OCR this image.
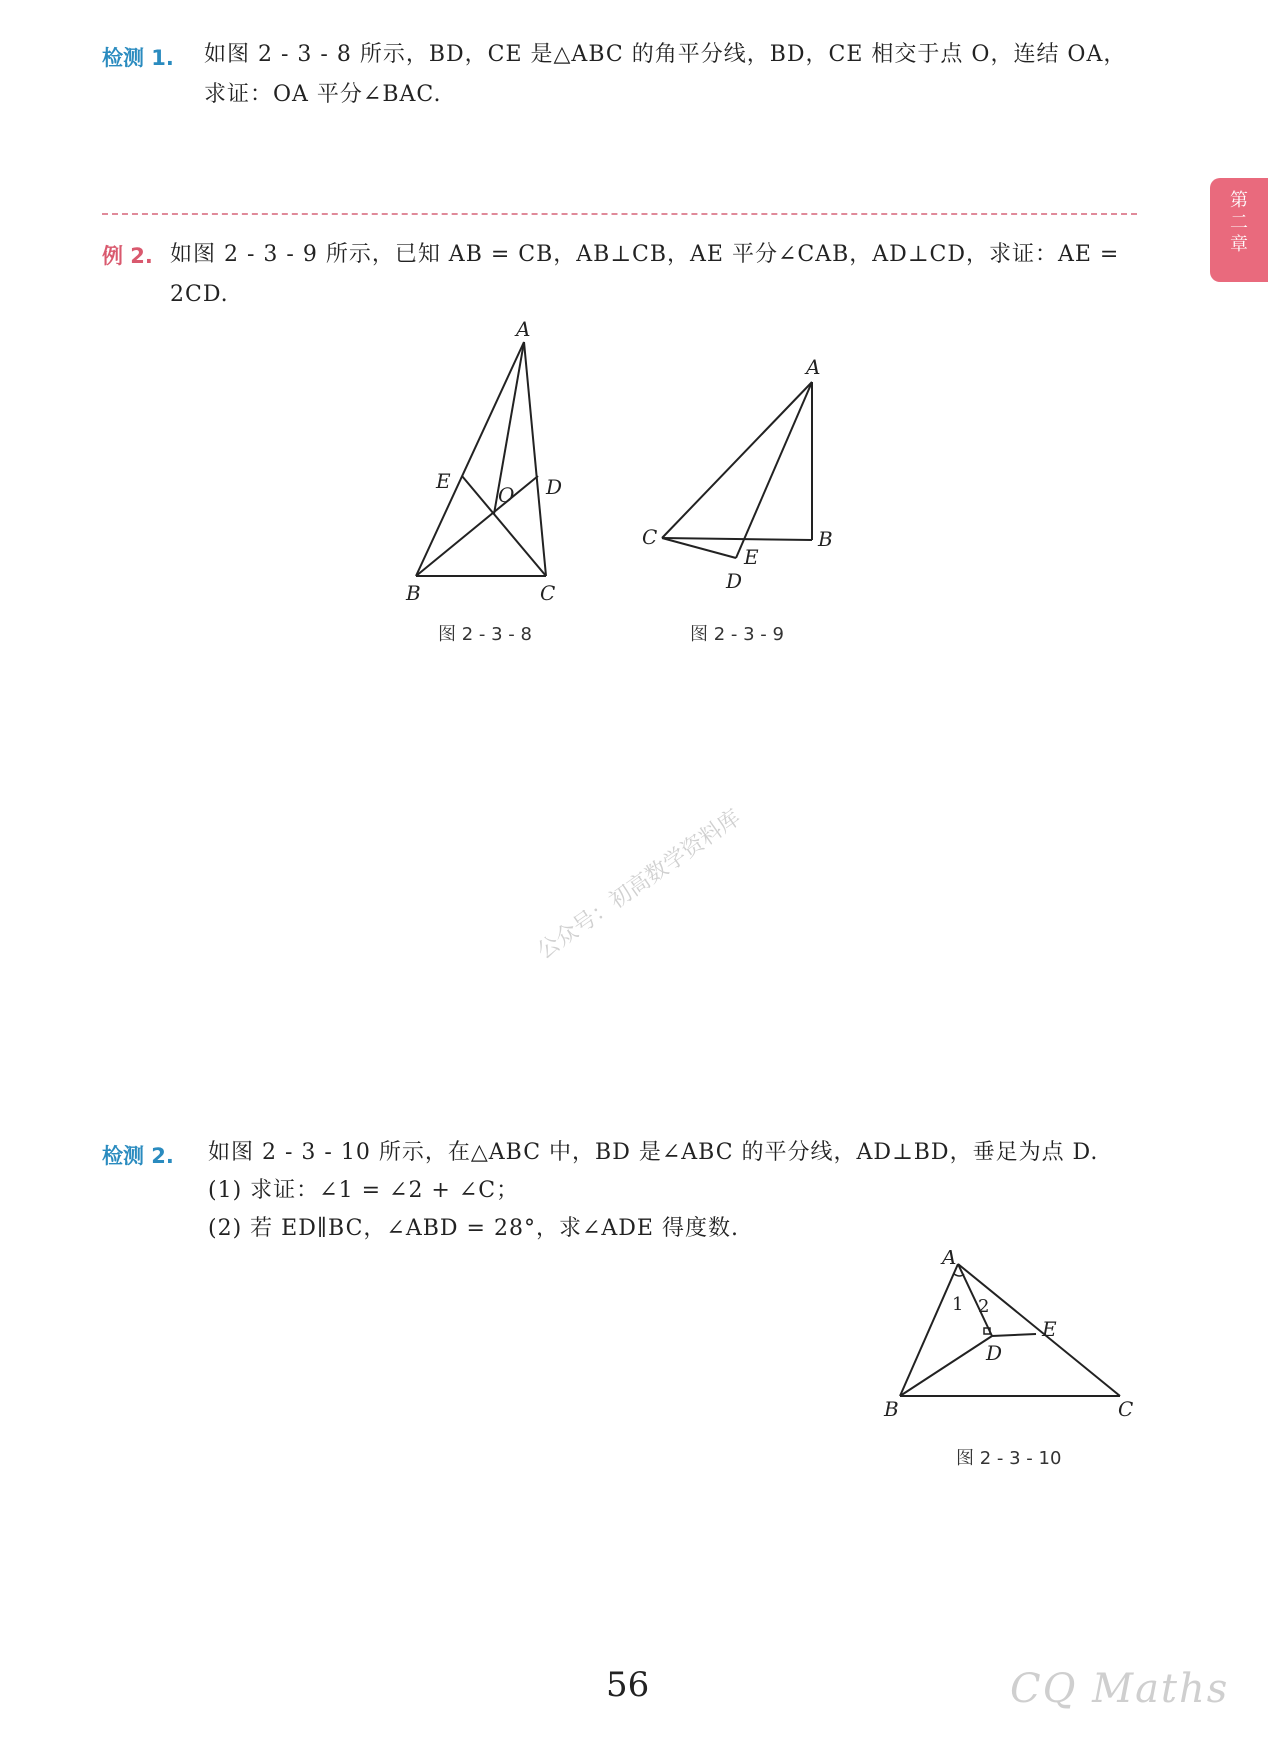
第
二
章
检测 1. 如图 2 - 3 - 8 所示，BD，CE 是△ABC 的角平分线，BD，CE 相交于点 O，连结 OA，
求证：OA 平分∠BAC.
例 2. 如图 2 - 3 - 9 所示，已知 AB = CB，AB⊥CB，AE 平分∠CAB，AD⊥CD，求证：AE =
2CD.
A
E
O D
B	C
A
C	B
E
D
图 2 - 3 - 8	图 2 - 3 - 9
公众号：初高数学资料库
检测 2. 如图 2 - 3 - 10 所示，在△ABC 中，BD 是∠ABC 的平分线，AD⊥BD，垂足为点 D.
(1) 求证：∠1 = ∠2 + ∠C；
(2) 若 ED∥BC，∠ABD = 28°，求∠ADE 得度数.
A
1 2
E
D
B	C
图 2 - 3 - 10
56	CQ Maths
